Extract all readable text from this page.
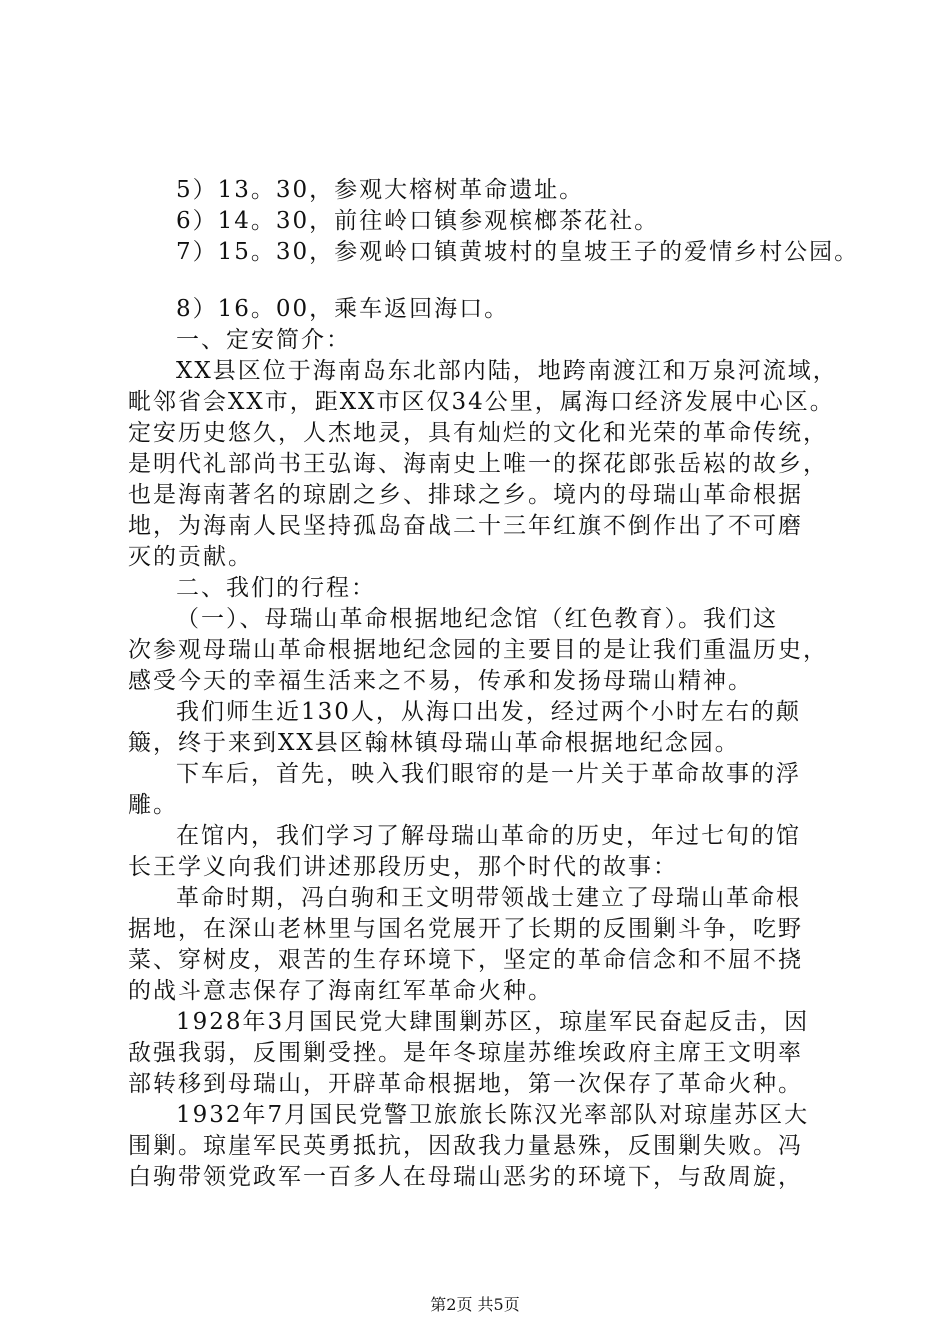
5）13。30，参观大榕树革命遗址。
6）14。30，前往岭口镇参观槟榔茶花社。
7）15。30，参观岭口镇黄坡村的皇坡王子的爱情乡村公园。
8）16。00，乘车返回海口。
一、定安简介：
XX县区位于海南岛东北部内陆，地跨南渡江和万泉河流域，
毗邻省会XX市，距XX市区仅34公里，属海口经济发展中心区。
定安历史悠久，人杰地灵，具有灿烂的文化和光荣的革命传统，
是明代礼部尚书王弘诲、海南史上唯一的探花郎张岳崧的故乡，
也是海南著名的琼剧之乡、排球之乡。境内的母瑞山革命根据
地，为海南人民坚持孤岛奋战二十三年红旗不倒作出了不可磨
灭的贡献。
二、我们的行程：
（一）、母瑞山革命根据地纪念馆（红色教育）。我们这
次参观母瑞山革命根据地纪念园的主要目的是让我们重温历史，
感受今天的幸福生活来之不易，传承和发扬母瑞山精神。
我们师生近130人，从海口出发，经过两个小时左右的颠
簸，终于来到XX县区翰林镇母瑞山革命根据地纪念园。
下车后，首先，映入我们眼帘的是一片关于革命故事的浮
雕。
在馆内，我们学习了解母瑞山革命的历史，年过七旬的馆
长王学义向我们讲述那段历史，那个时代的故事：
革命时期，冯白驹和王文明带领战士建立了母瑞山革命根
据地，在深山老林里与国名党展开了长期的反围剿斗争，吃野
菜、穿树皮，艰苦的生存环境下，坚定的革命信念和不屈不挠
的战斗意志保存了海南红军革命火种。
1928年3月国民党大肆围剿苏区，琼崖军民奋起反击，因
敌强我弱，反围剿受挫。是年冬琼崖苏维埃政府主席王文明率
部转移到母瑞山，开辟革命根据地，第一次保存了革命火种。
1932年7月国民党警卫旅旅长陈汉光率部队对琼崖苏区大
围剿。琼崖军民英勇抵抗，因敌我力量悬殊，反围剿失败。冯
白驹带领党政军一百多人在母瑞山恶劣的环境下，与敌周旋，
第2页 共5页
